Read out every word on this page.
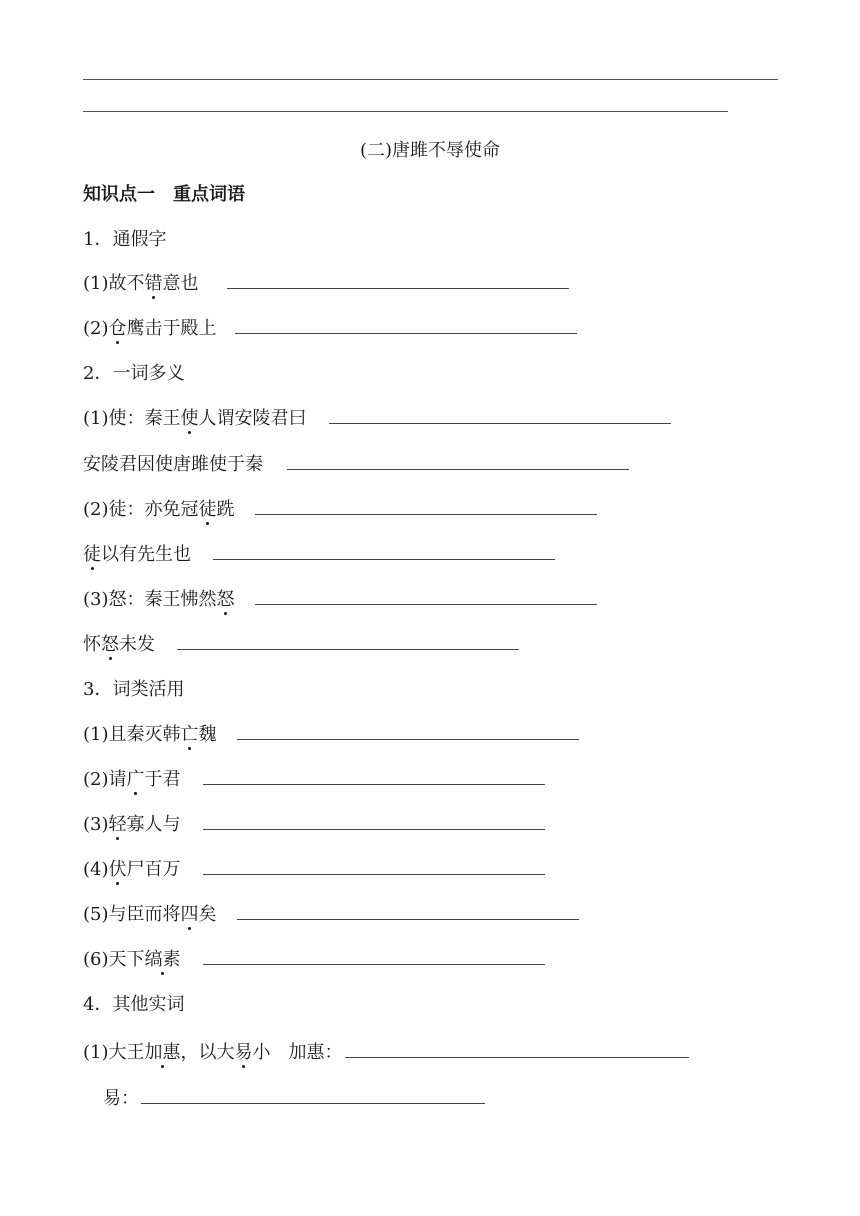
(二)唐雎不辱使命
知识点一　重点词语
1．通假字
(1)故不错意也
(2)仓鹰击于殿上
2．一词多义
(1)使：秦王使人谓安陵君曰
安陵君因使唐雎使于秦
(2)徒：亦免冠徒跣
徒以有先生也
(3)怒：秦王怫然怒
怀怒未发
3．词类活用
(1)且秦灭韩亡魏
(2)请广于君
(3)轻寡人与
(4)伏尸百万
(5)与臣而将四矣
(6)天下缟素
4．其他实词
(1)大王加惠，以大易小　加惠：
易：
